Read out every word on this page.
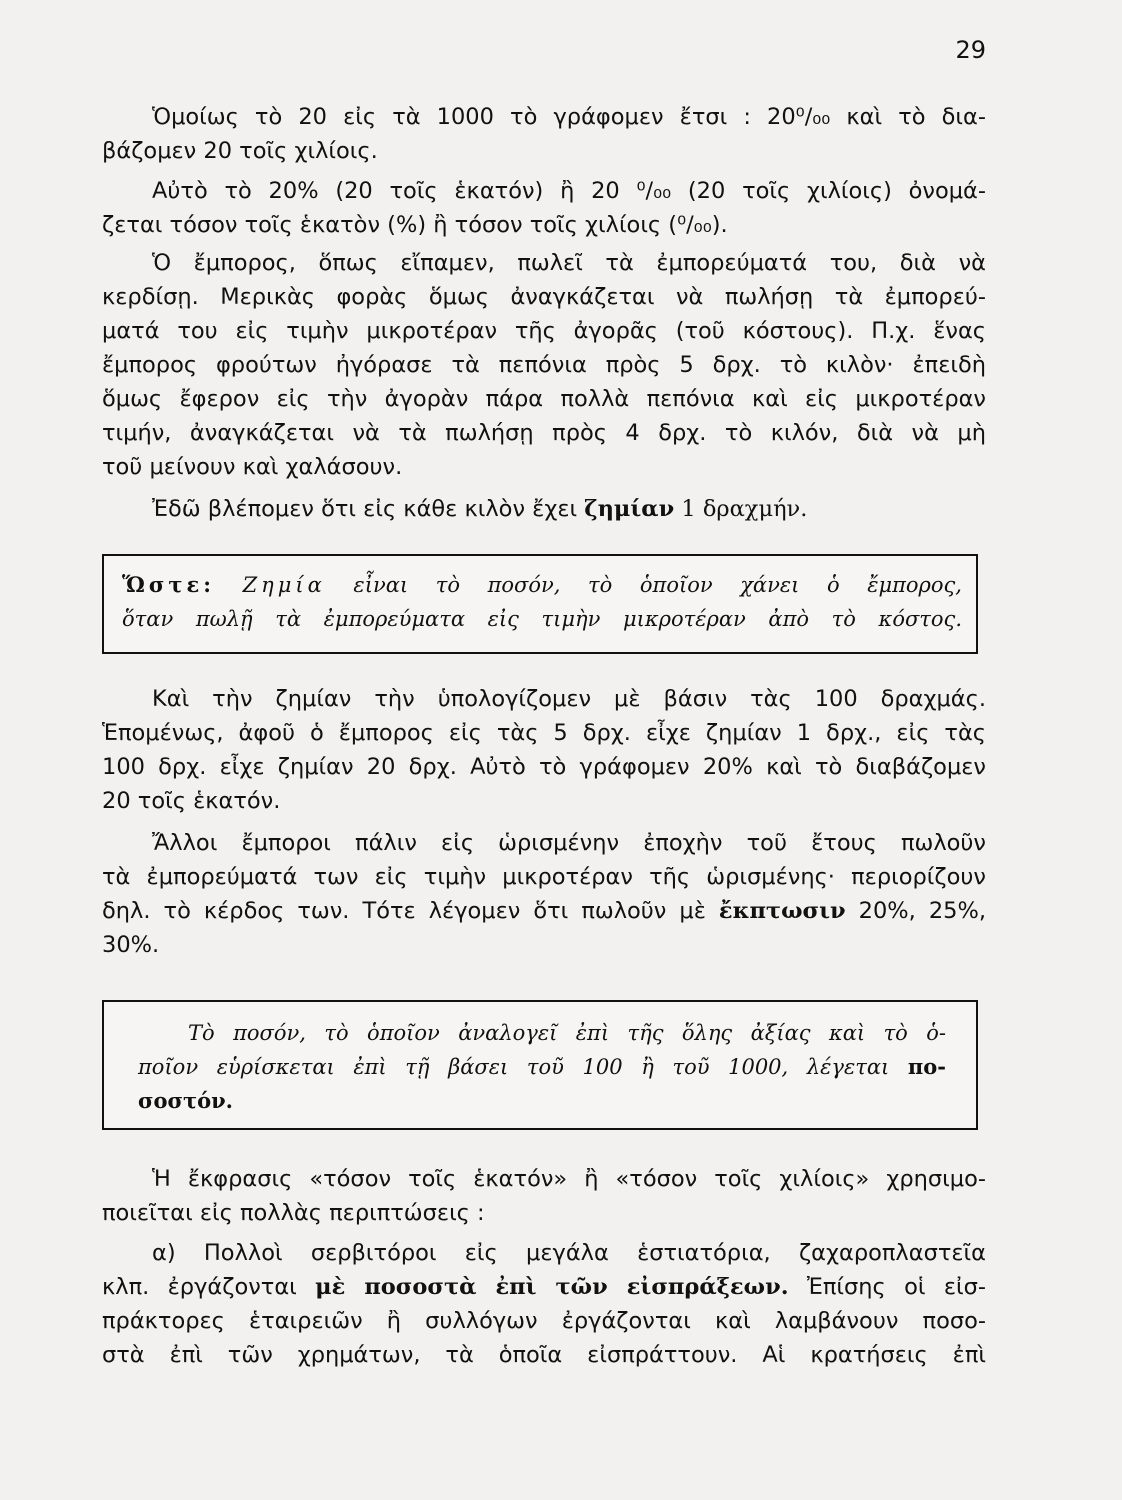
29
Ὁμοίως τὸ 20 εἰς τὰ 1000 τὸ γράφομεν ἔτσι : 20⁰/₀₀ καὶ τὸ δια-
βάζομεν 20 τοῖς χιλίοις.
Αὐτὸ τὸ 20% (20 τοῖς ἑκατόν) ἢ 20 ⁰/₀₀ (20 τοῖς χιλίοις) ὀνομά-
ζεται τόσον τοῖς ἑκατὸν (%) ἢ τόσον τοῖς χιλίοις (⁰/₀₀).
Ὁ ἔμπορος, ὅπως εἴπαμεν, πωλεῖ τὰ ἐμπορεύματά του, διὰ νὰ
κερδίσῃ. Μερικὰς φορὰς ὅμως ἀναγκάζεται νὰ πωλήσῃ τὰ ἐμπορεύ-
ματά του εἰς τιμὴν μικροτέραν τῆς ἀγορᾶς (τοῦ κόστους). Π.χ. ἕνας
ἔμπορος φρούτων ἠγόρασε τὰ πεπόνια πρὸς 5 δρχ. τὸ κιλὸν· ἐπειδὴ
ὅμως ἔφερον εἰς τὴν ἀγορὰν πάρα πολλὰ πεπόνια καὶ εἰς μικροτέραν
τιμήν, ἀναγκάζεται νὰ τὰ πωλήσῃ πρὸς 4 δρχ. τὸ κιλόν, διὰ νὰ μὴ
τοῦ μείνουν καὶ χαλάσουν.
Ἐδῶ βλέπομεν ὅτι εἰς κάθε κιλὸν ἔχει ζημίαν 1 δραχμήν.
Ὥστε: Ζημία εἶναι τὸ ποσόν, τὸ ὁποῖον χάνει ὁ ἔμπορος,
ὅταν πωλῇ τὰ ἐμπορεύματα εἰς τιμὴν μικροτέραν ἀπὸ τὸ κόστος.
Καὶ τὴν ζημίαν τὴν ὑπολογίζομεν μὲ βάσιν τὰς 100 δραχμάς.
Ἑπομένως, ἀφοῦ ὁ ἔμπορος εἰς τὰς 5 δρχ. εἶχε ζημίαν 1 δρχ., εἰς τὰς
100 δρχ. εἶχε ζημίαν 20 δρχ. Αὐτὸ τὸ γράφομεν 20% καὶ τὸ διαβάζομεν
20 τοῖς ἑκατόν.
Ἄλλοι ἔμποροι πάλιν εἰς ὡρισμένην ἐποχὴν τοῦ ἔτους πωλοῦν
τὰ ἐμπορεύματά των εἰς τιμὴν μικροτέραν τῆς ὡρισμένης· περιορίζουν
δηλ. τὸ κέρδος των. Τότε λέγομεν ὅτι πωλοῦν μὲ ἔκπτωσιν 20%, 25%,
30%.
Τὸ ποσόν, τὸ ὁποῖον ἀναλογεῖ ἐπὶ τῆς ὅλης ἀξίας καὶ τὸ ὁ-
ποῖον εὑρίσκεται ἐπὶ τῇ βάσει τοῦ 100 ἢ τοῦ 1000, λέγεται πο-
σοστόν.
Ἡ ἔκφρασις «τόσον τοῖς ἑκατόν» ἢ «τόσον τοῖς χιλίοις» χρησιμο-
ποιεῖται εἰς πολλὰς περιπτώσεις :
α) Πολλοὶ σερβιτόροι εἰς μεγάλα ἑστιατόρια, ζαχαροπλαστεῖα
κλπ. ἐργάζονται μὲ ποσοστὰ ἐπὶ τῶν εἰσπράξεων. Ἐπίσης οἱ εἰσ-
πράκτορες ἑταιρειῶν ἢ συλλόγων ἐργάζονται καὶ λαμβάνουν ποσο-
στὰ ἐπὶ τῶν χρημάτων, τὰ ὁποῖα εἰσπράττουν. Αἱ κρατήσεις ἐπὶ
